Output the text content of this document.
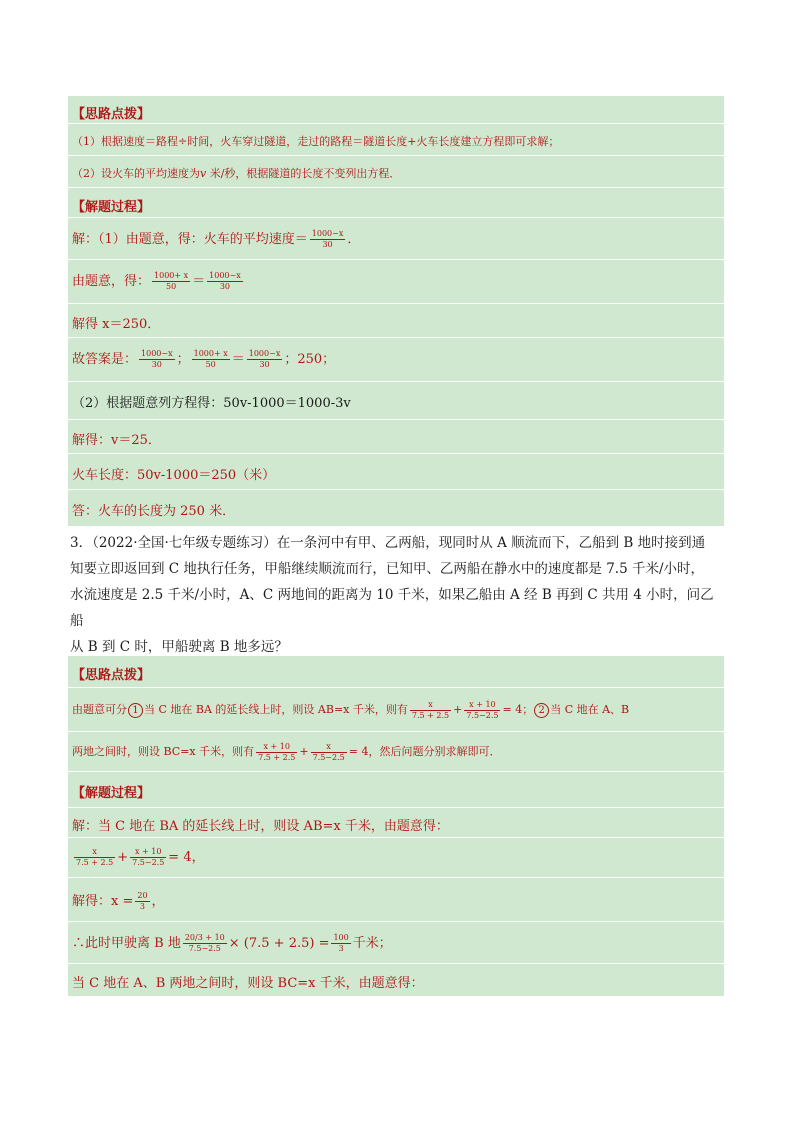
【思路点拨】
（1）根据速度＝路程÷时间，火车穿过隧道，走过的路程＝隧道长度+火车长度建立方程即可求解；
（2）设火车的平均速度为v 米/秒，根据隧道的长度不变列出方程．
【解题过程】
解：（1）由题意，得：火车的平均速度＝ $\frac{1000-x}{30}$ ．
由题意，得： $\frac{1000+ x}{50} = \frac{1000-x}{30}$
解得 x＝250．
故答案是： $\frac{1000-x}{30}$ ； $\frac{1000+ x}{50} = \frac{1000-x}{30}$ ；250；
（2）根据题意列方程得：50v-1000＝1000-3v
解得：v＝25．
火车长度：50v-1000＝250（米）
答：火车的长度为 250 米．
3．（2022·全国·七年级专题练习）在一条河中有甲、乙两船，现同时从 A 顺流而下，乙船到 B 地时接到通
知要立即返回到 C 地执行任务，甲船继续顺流而行，已知甲、乙两船在静水中的速度都是 7.5 千米/小时，
水流速度是 2.5 千米/小时，A、C 两地间的距离为 10 千米，如果乙船由 A 经 B 再到 C 共用 4 小时，问乙船
从 B 到 C 时，甲船驶离 B 地多远？
【思路点拨】
由题意可分 1 当 C 地在 BA 的延长线上时，则设 AB=x 千米，则有 $\frac{x}{7.5 + 2.5} + \frac{x + 10}{7.5-2.5} = 4$； 2 当 C 地在 A、B
两地之间时，则设 BC=x 千米，则有 $\frac{x + 10}{7.5 + 2.5} + \frac{x}{7.5-2.5} = 4$，然后问题分别求解即可．
【解题过程】
解：当 C 地在 BA 的延长线上时，则设 AB=x 千米，由题意得：
$\frac{x}{7.5 + 2.5} + \frac{x + 10}{7.5-2.5} = 4$，
解得：$x = \frac{20}{3}$ ，
∴此时甲驶离 B 地 $\frac{20/3 + 10}{7.5-2.5} \times (7.5 + 2.5) = \frac{100}{3}$ 千米；
当 C 地在 A、B 两地之间时，则设 BC=x 千米，由题意得：
